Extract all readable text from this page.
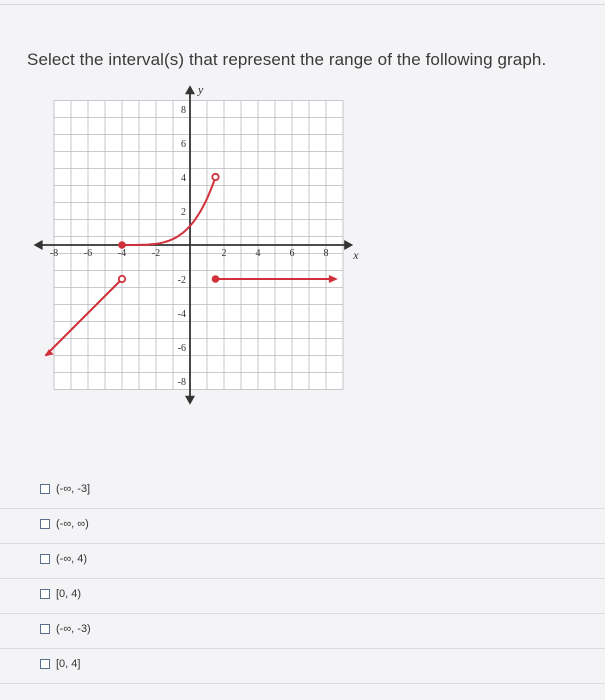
Select the interval(s) that represent the range of the following graph.
-8	-6	-4	-2	2	4	6	8
8
6
4
2
-2
-4
-6
-8
x
y
(-∞, -3]
(-∞, ∞)
(-∞, 4)
[0, 4)
(-∞, -3)
[0, 4]
